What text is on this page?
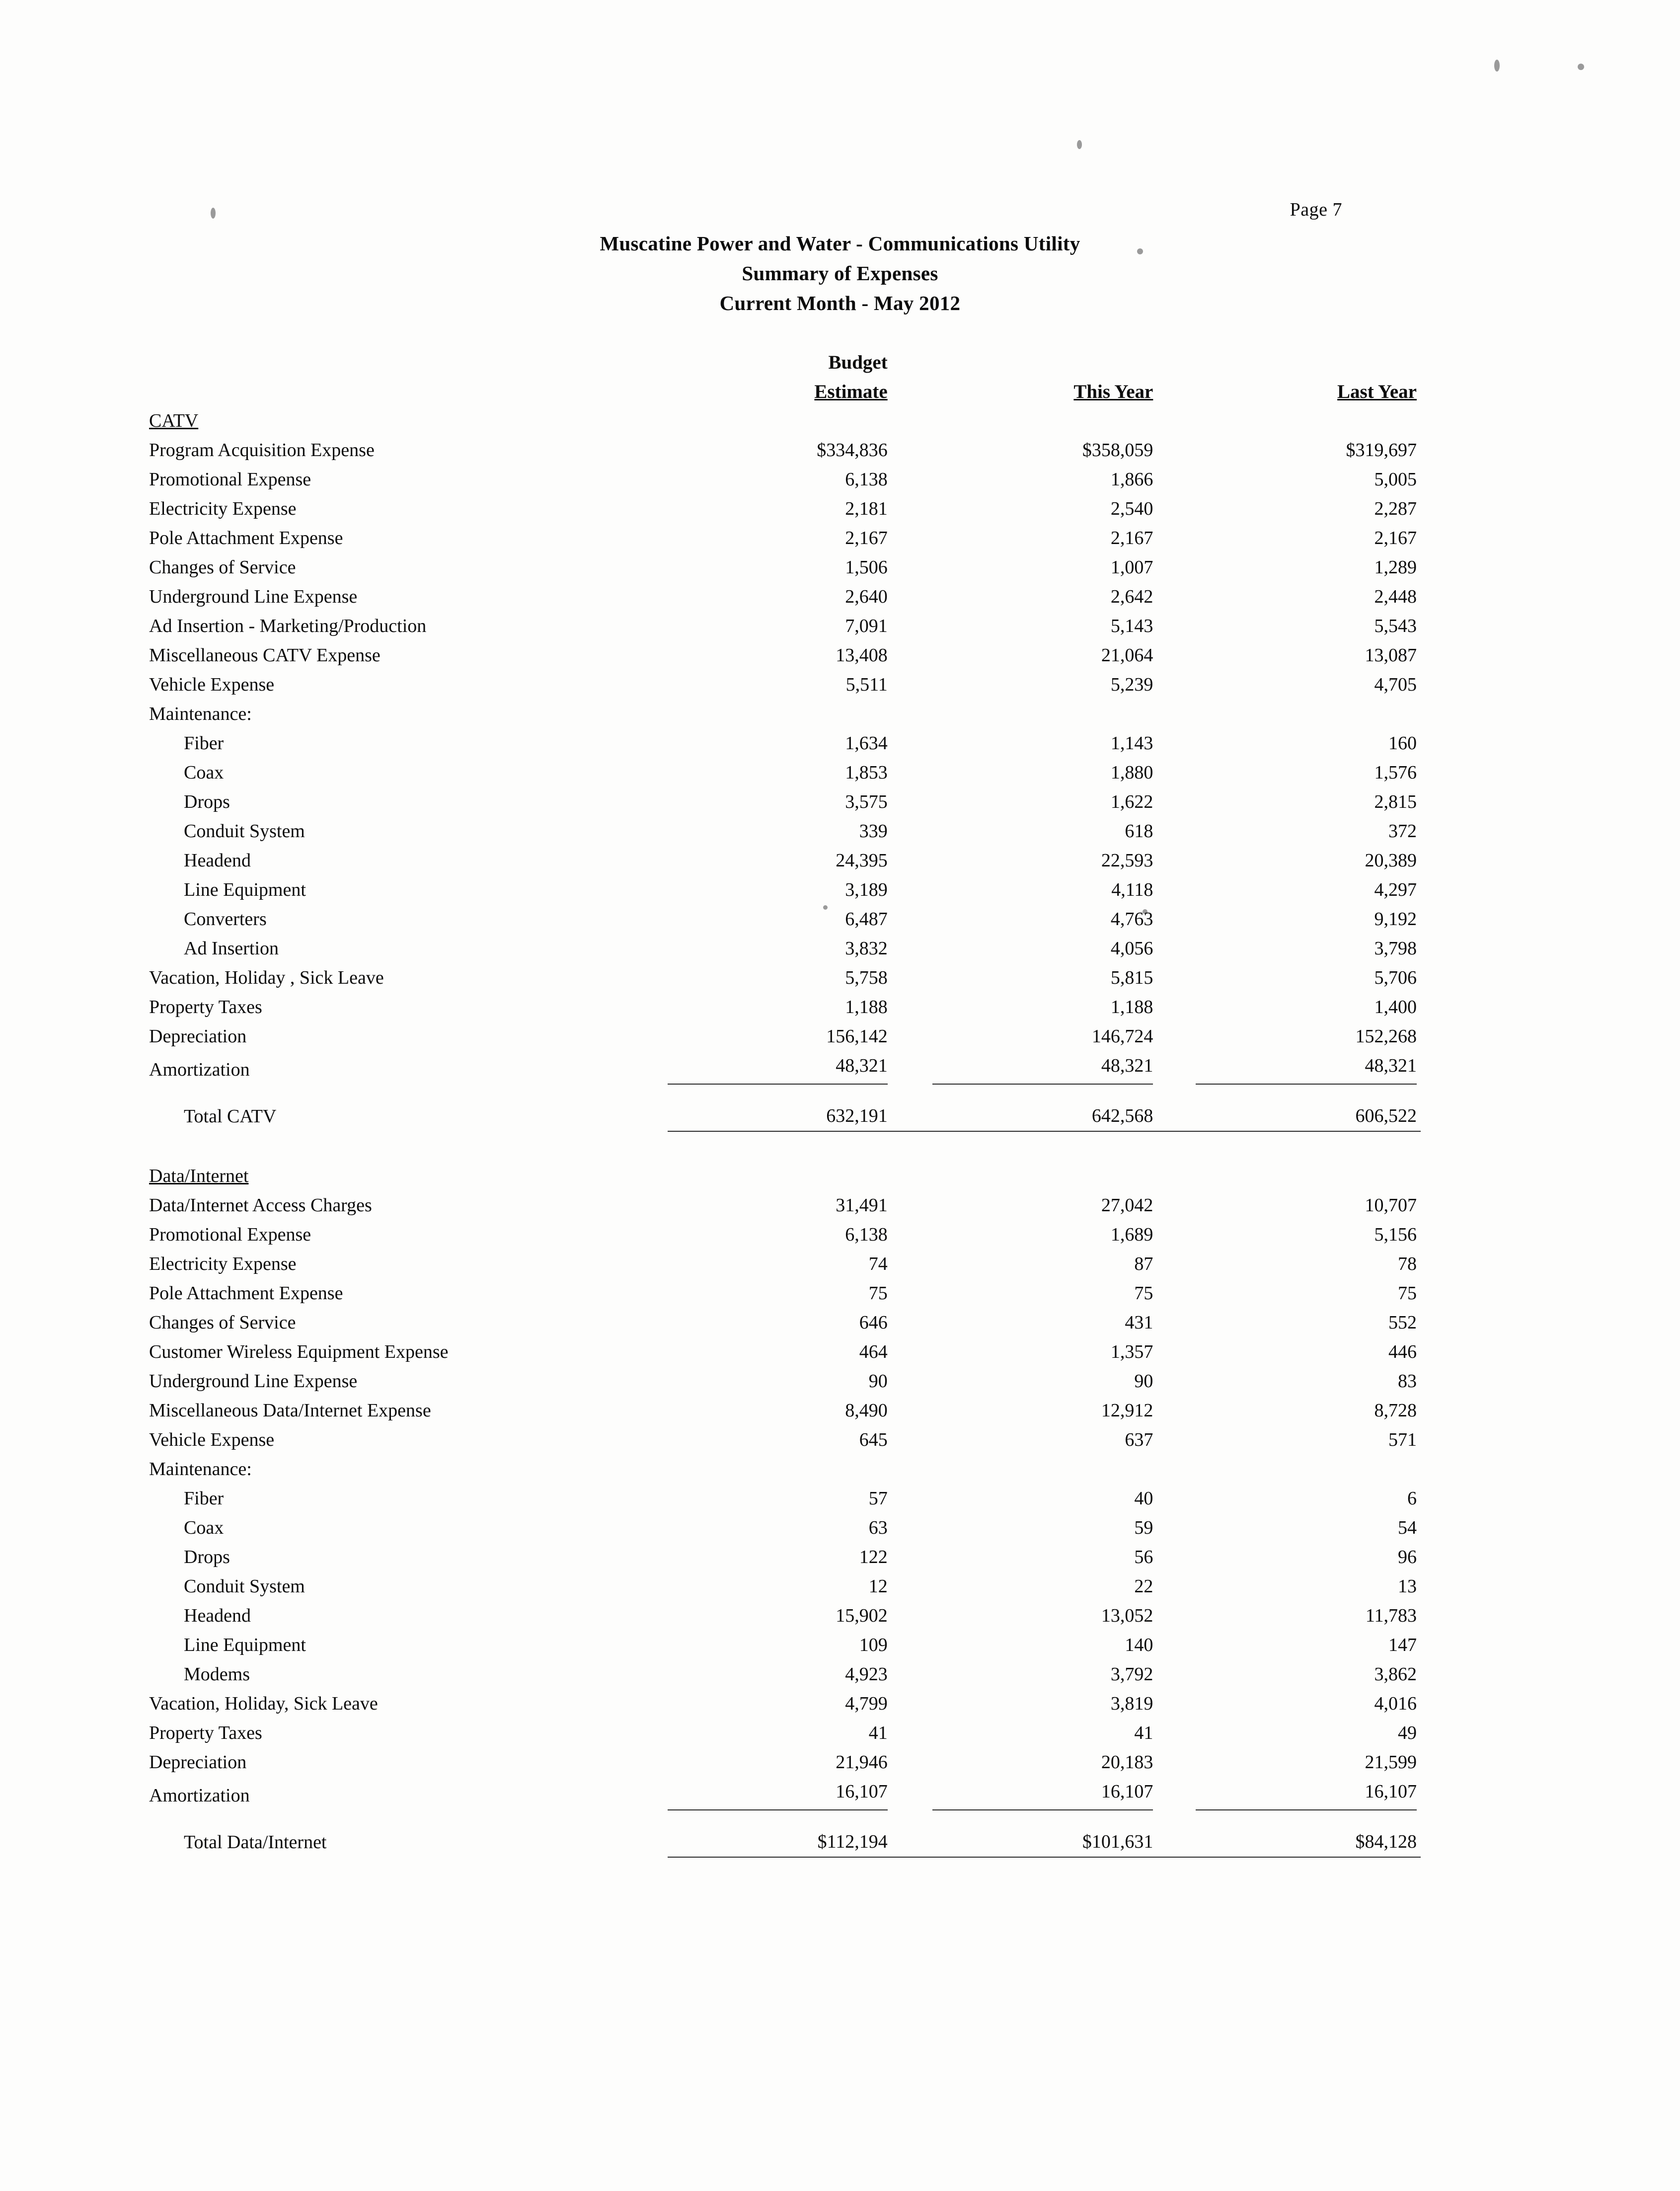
Page 7
Muscatine Power and Water - Communications Utility
Summary of Expenses
Current Month - May 2012
	Budget		
	Estimate	This Year	Last Year
CATV			
Program Acquisition Expense	$334,836	$358,059	$319,697
Promotional Expense	6,138	1,866	5,005
Electricity Expense	2,181	2,540	2,287
Pole Attachment Expense	2,167	2,167	2,167
Changes of Service	1,506	1,007	1,289
Underground Line Expense	2,640	2,642	2,448
Ad Insertion - Marketing/Production	7,091	5,143	5,543
Miscellaneous CATV Expense	13,408	21,064	13,087
Vehicle Expense	5,511	5,239	4,705
Maintenance:			
Fiber	1,634	1,143	160
Coax	1,853	1,880	1,576
Drops	3,575	1,622	2,815
Conduit System	339	618	372
Headend	24,395	22,593	20,389
Line Equipment	3,189	4,118	4,297
Converters	6,487	4,763	9,192
Ad Insertion	3,832	4,056	3,798
Vacation, Holiday , Sick Leave	5,758	5,815	5,706
Property Taxes	1,188	1,188	1,400
Depreciation	156,142	146,724	152,268
Amortization	48,321	48,321	48,321

Total CATV	632,191	642,568	606,522

Data/Internet			
Data/Internet Access Charges	31,491	27,042	10,707
Promotional Expense	6,138	1,689	5,156
Electricity Expense	74	87	78
Pole Attachment Expense	75	75	75
Changes of Service	646	431	552
Customer Wireless Equipment Expense	464	1,357	446
Underground Line Expense	90	90	83
Miscellaneous Data/Internet Expense	8,490	12,912	8,728
Vehicle Expense	645	637	571
Maintenance:			
Fiber	57	40	6
Coax	63	59	54
Drops	122	56	96
Conduit System	12	22	13
Headend	15,902	13,052	11,783
Line Equipment	109	140	147
Modems	4,923	3,792	3,862
Vacation, Holiday, Sick Leave	4,799	3,819	4,016
Property Taxes	41	41	49
Depreciation	21,946	20,183	21,599
Amortization	16,107	16,107	16,107

Total Data/Internet	$112,194	$101,631	$84,128
